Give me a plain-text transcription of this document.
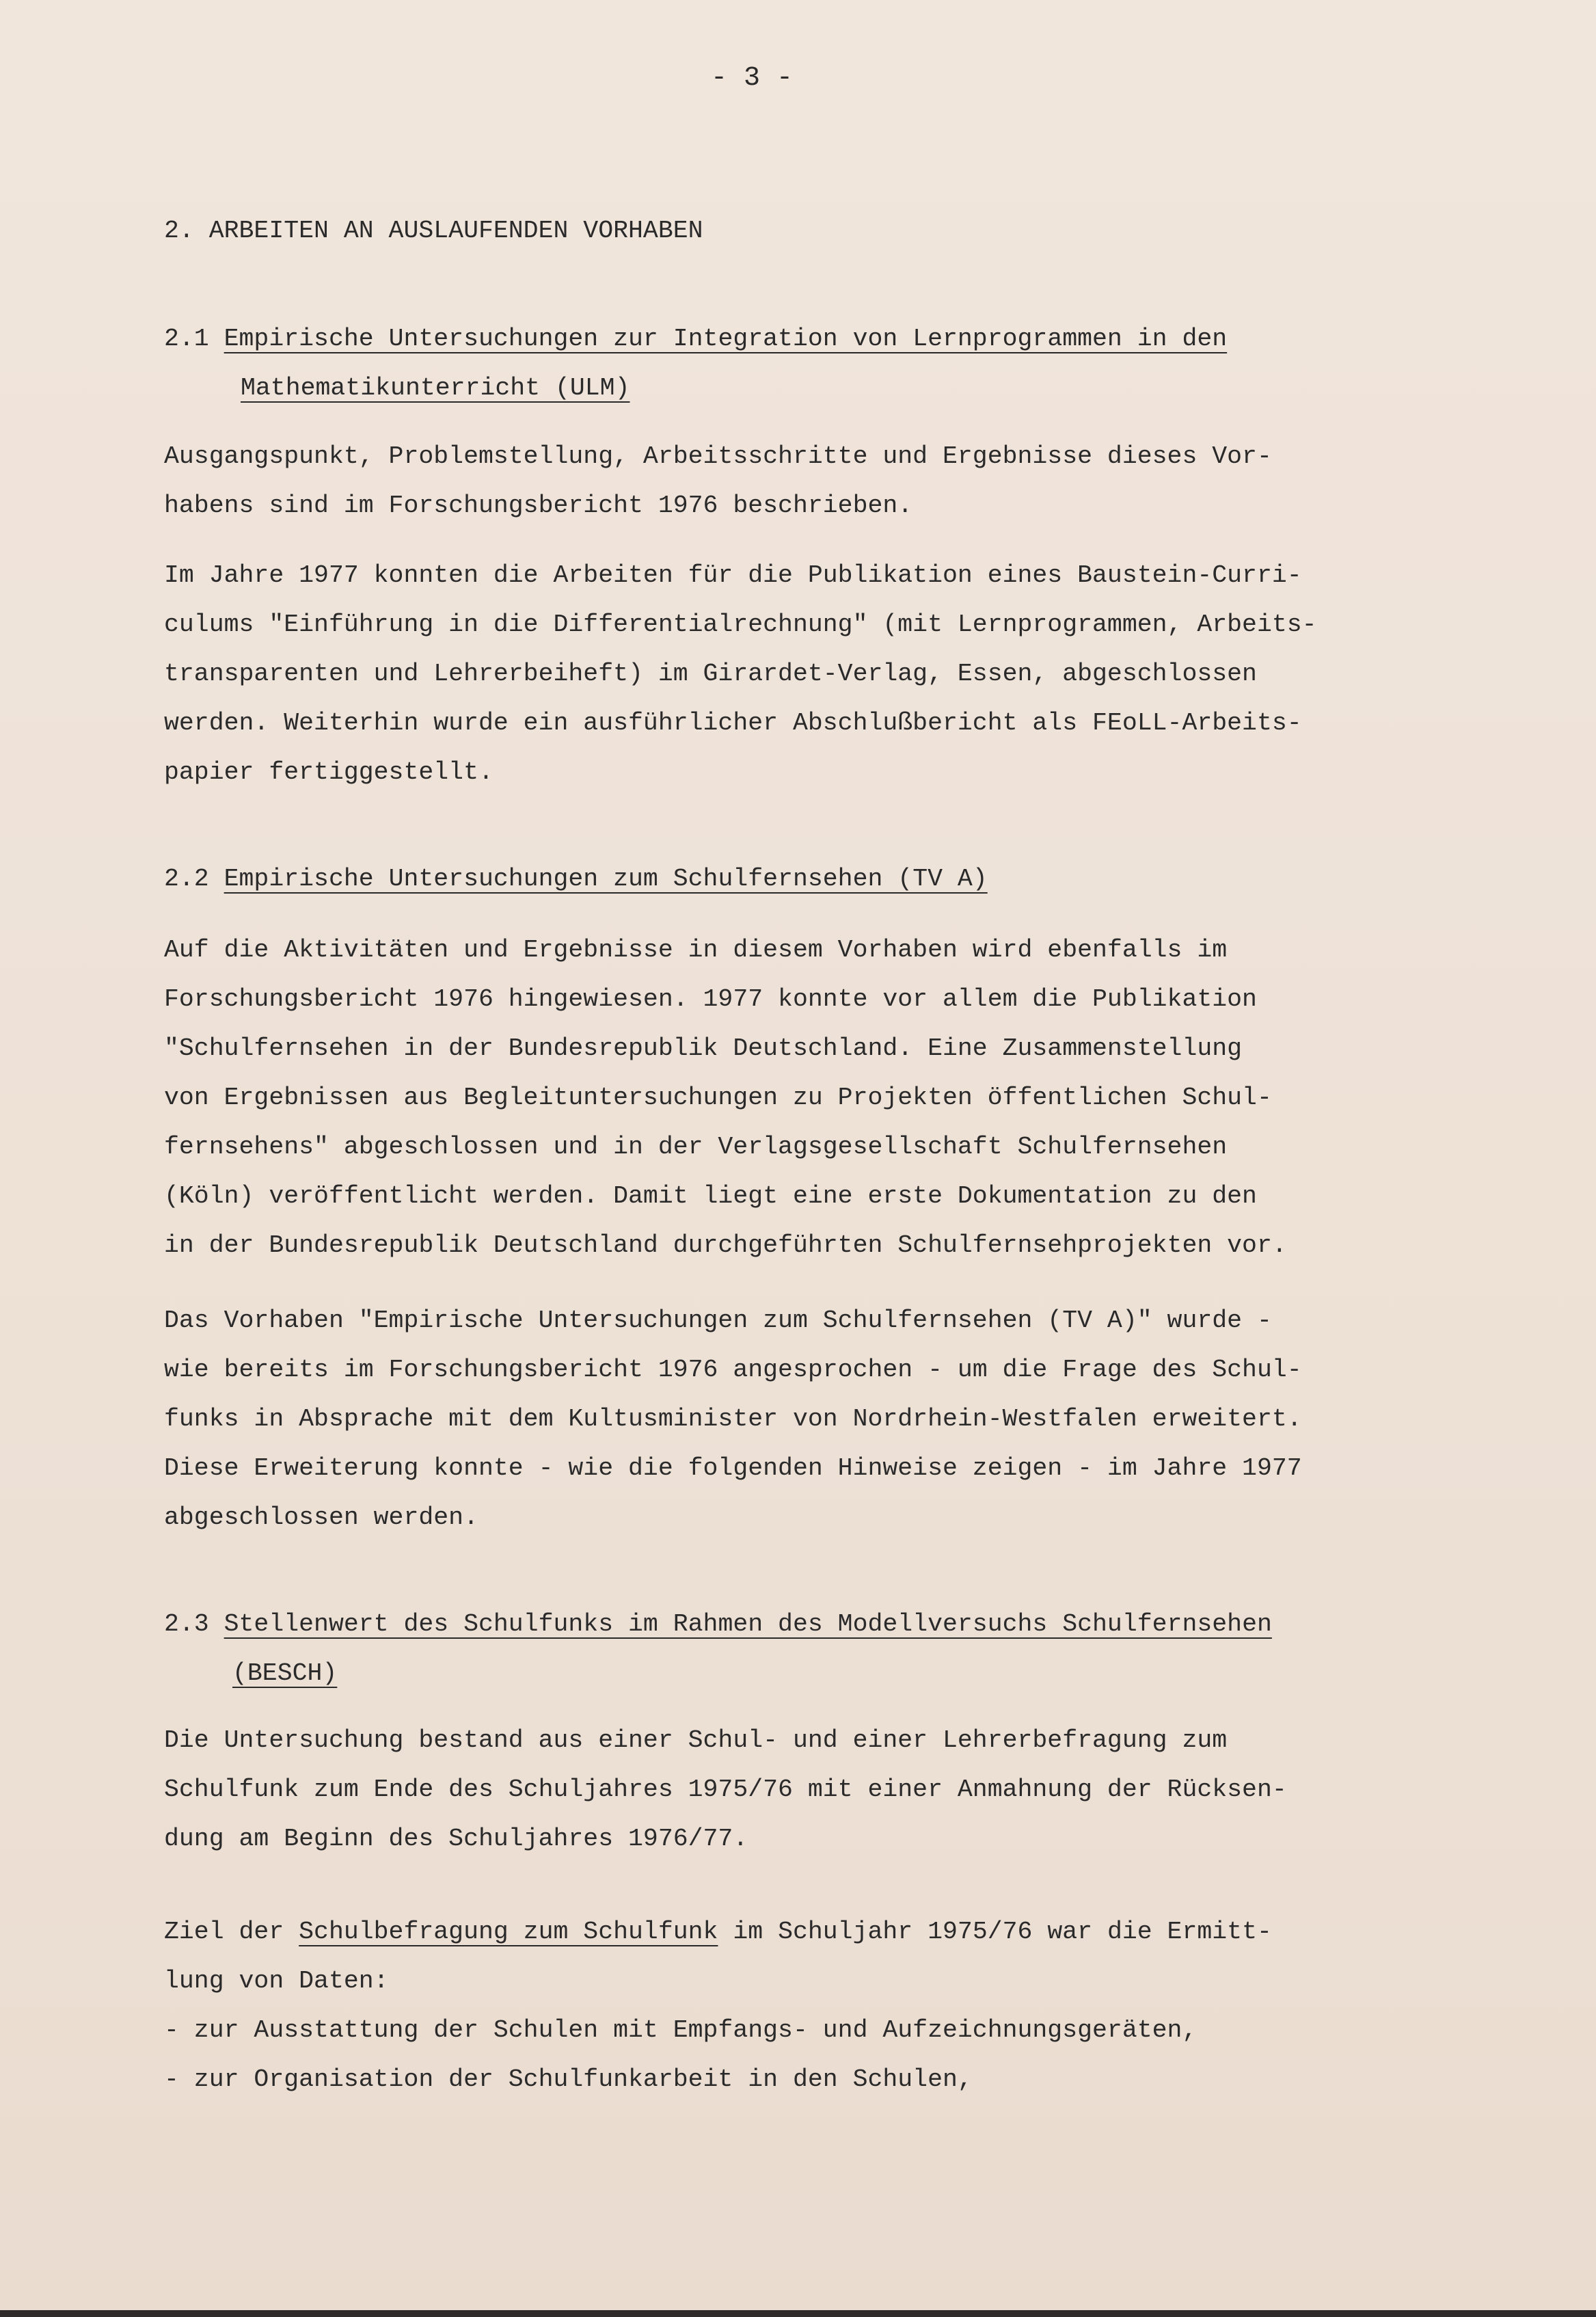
- 3 -
2. ARBEITEN AN AUSLAUFENDEN VORHABEN
2.1 Empirische Untersuchungen zur Integration von Lernprogrammen in den
Mathematikunterricht (ULM)
Ausgangspunkt, Problemstellung, Arbeitsschritte und Ergebnisse dieses Vor-
habens sind im Forschungsbericht 1976 beschrieben.
Im Jahre 1977 konnten die Arbeiten für die Publikation eines Baustein-Curri-
culums "Einführung in die Differentialrechnung" (mit Lernprogrammen, Arbeits-
transparenten und Lehrerbeiheft) im Girardet-Verlag, Essen, abgeschlossen
werden. Weiterhin wurde ein ausführlicher Abschlußbericht als FEoLL-Arbeits-
papier fertiggestellt.
2.2 Empirische Untersuchungen zum Schulfernsehen (TV A)
Auf die Aktivitäten und Ergebnisse in diesem Vorhaben wird ebenfalls im
Forschungsbericht 1976 hingewiesen. 1977 konnte vor allem die Publikation
"Schulfernsehen in der Bundesrepublik Deutschland. Eine Zusammenstellung
von Ergebnissen aus Begleituntersuchungen zu Projekten öffentlichen Schul-
fernsehens" abgeschlossen und in der Verlagsgesellschaft Schulfernsehen
(Köln) veröffentlicht werden. Damit liegt eine erste Dokumentation zu den
in der Bundesrepublik Deutschland durchgeführten Schulfernsehprojekten vor.
Das Vorhaben "Empirische Untersuchungen zum Schulfernsehen (TV A)" wurde -
wie bereits im Forschungsbericht 1976 angesprochen - um die Frage des Schul-
funks in Absprache mit dem Kultusminister von Nordrhein-Westfalen erweitert.
Diese Erweiterung konnte - wie die folgenden Hinweise zeigen - im Jahre 1977
abgeschlossen werden.
2.3 Stellenwert des Schulfunks im Rahmen des Modellversuchs Schulfernsehen
(BESCH)
Die Untersuchung bestand aus einer Schul- und einer Lehrerbefragung zum
Schulfunk zum Ende des Schuljahres 1975/76 mit einer Anmahnung der Rücksen-
dung am Beginn des Schuljahres 1976/77.
Ziel der Schulbefragung zum Schulfunk im Schuljahr 1975/76 war die Ermitt-
lung von Daten:
- zur Ausstattung der Schulen mit Empfangs- und Aufzeichnungsgeräten,
- zur Organisation der Schulfunkarbeit in den Schulen,
